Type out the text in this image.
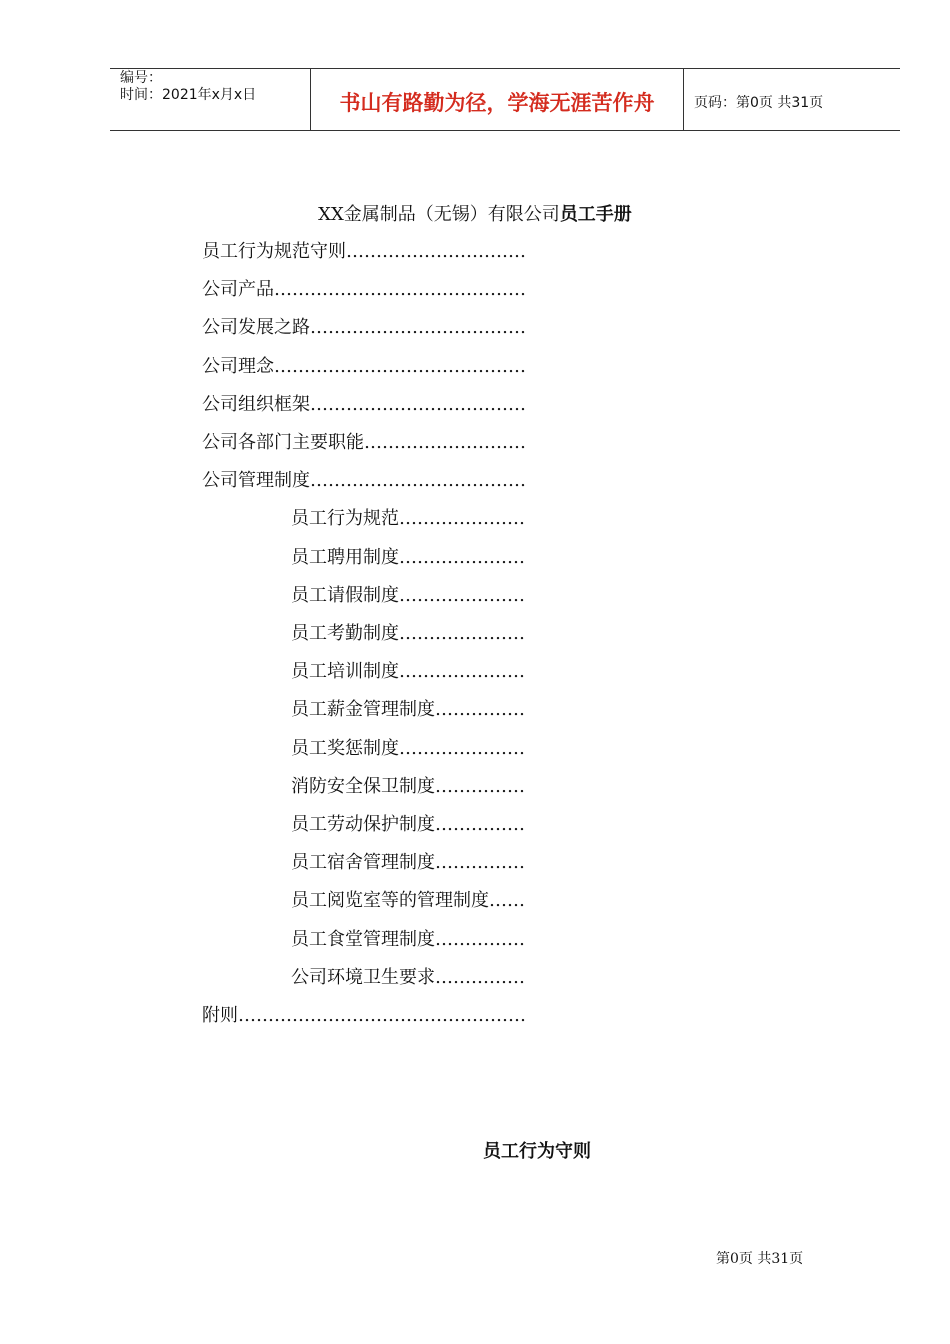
编号：
时间：2021年x月x日	书山有路勤为径，学海无涯苦作舟	页码：第0页 共31页
XX金属制品（无锡）有限公司员工手册
员工行为规范守则…………………………
公司产品……………………………………
公司发展之路………………………………
公司理念……………………………………
公司组织框架………………………………
公司各部门主要职能………………………
公司管理制度………………………………
员工行为规范…………………
员工聘用制度…………………
员工请假制度…………………
员工考勤制度…………………
员工培训制度…………………
员工薪金管理制度……………
员工奖惩制度…………………
消防安全保卫制度……………
员工劳动保护制度……………
员工宿舍管理制度……………
员工阅览室等的管理制度……
员工食堂管理制度……………
公司环境卫生要求……………
附则…………………………………………
员工行为守则
第0页 共31页
